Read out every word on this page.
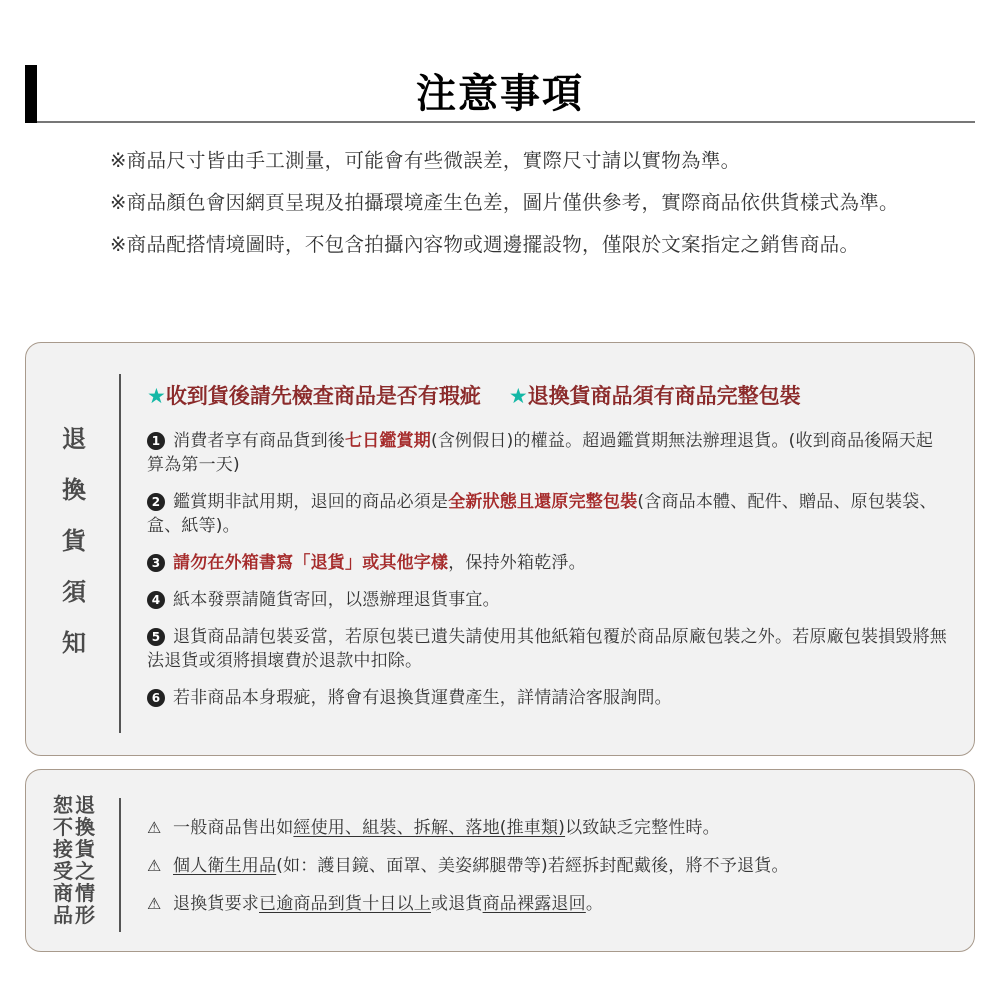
注意事項

※商品尺寸皆由手工測量，可能會有些微誤差，實際尺寸請以實物為準。

※商品顏色會因網頁呈現及拍攝環境產生色差，圖片僅供參考，實際商品依供貨樣式為準。

※商品配搭情境圖時，不包含拍攝內容物或週邊擺設物，僅限於文案指定之銷售商品。

退
換
貨
須
知
★收到貨後請先檢查商品是否有瑕疵 ★退換貨商品須有商品完整包裝

1 消費者享有商品貨到後七日鑑賞期(含例假日)的權益。超過鑑賞期無法辦理退貨。(收到商品後隔天起算為第一天)

2 鑑賞期非試用期，退回的商品必須是全新狀態且還原完整包裝(含商品本體、配件、贈品、原包裝袋、盒、紙等)。

3 請勿在外箱書寫「退貨」或其他字樣，保持外箱乾淨。

4 紙本發票請隨貨寄回，以憑辦理退貨事宜。

5 退貨商品請包裝妥當，若原包裝已遺失請使用其他紙箱包覆於商品原廠包裝之外。若原廠包裝損毀將無法退貨或須將損壞費於退款中扣除。

6 若非商品本身瑕疵，將會有退換貨運費產生，詳情請洽客服詢問。

退
換
貨
之
情
形
恕
不
接
受
商
品

⚠ 一般商品售出如經使用、組裝、拆解、落地(推車類)以致缺乏完整性時。

⚠ 個人衛生用品(如：護目鏡、面罩、美姿綁腿帶等)若經拆封配戴後，將不予退貨。

⚠ 退換貨要求已逾商品到貨十日以上或退貨商品裸露退回。
